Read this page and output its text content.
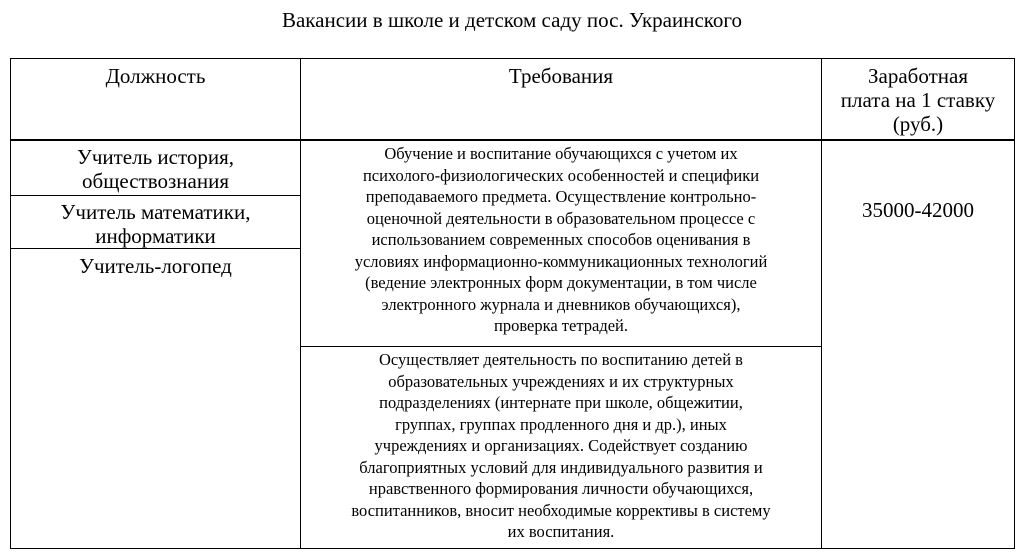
Вакансии в школе и детском саду пос. Украинского
Должность	Требования	Заработная
плата на 1 ставку
(руб.)
Учитель история,
обществознания
Учитель математики,
информатики
Учитель-логопед
Обучение и воспитание обучающихся с учетом их
психолого-физиологических особенностей и специфики
преподаваемого предмета. Осуществление контрольно-
оценочной деятельности в образовательном процессе с
использованием современных способов оценивания в
условиях информационно-коммуникационных технологий
(ведение электронных форм документации, в том числе
электронного журнала и дневников обучающихся),
проверка тетрадей.
Осуществляет деятельность по воспитанию детей в
образовательных учреждениях и их структурных
подразделениях (интернате при школе, общежитии,
группах, группах продленного дня и др.), иных
учреждениях и организациях. Содействует созданию
благоприятных условий для индивидуального развития и
нравственного формирования личности обучающихся,
воспитанников, вносит необходимые коррективы в систему
их воспитания.
35000-42000
